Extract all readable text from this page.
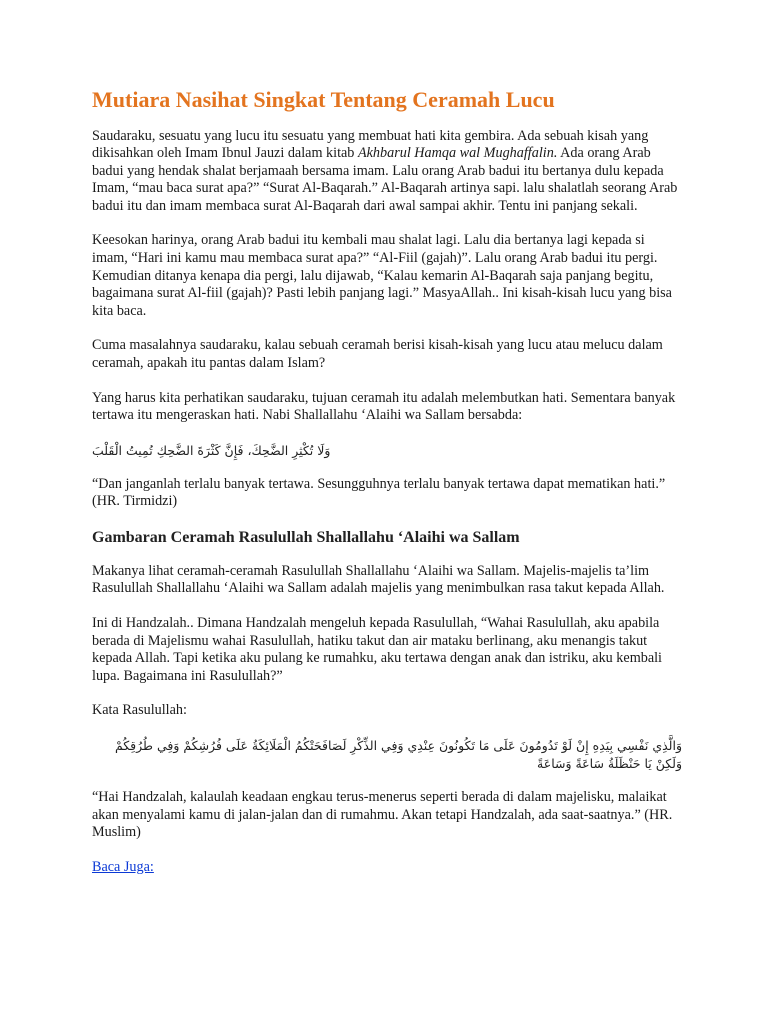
Mutiara Nasihat Singkat Tentang Ceramah Lucu

Saudaraku, sesuatu yang lucu itu sesuatu yang membuat hati kita gembira. Ada sebuah kisah yang dikisahkan oleh Imam Ibnul Jauzi dalam kitab Akhbarul Hamqa wal Mughaffalin. Ada orang Arab badui yang hendak shalat berjamaah bersama imam. Lalu orang Arab badui itu bertanya dulu kepada Imam, “mau baca surat apa?” “Surat Al-Baqarah.” Al-Baqarah artinya sapi. lalu shalatlah seorang Arab badui itu dan imam membaca surat Al-Baqarah dari awal sampai akhir. Tentu ini panjang sekali.

Keesokan harinya, orang Arab badui itu kembali mau shalat lagi. Lalu dia bertanya lagi kepada si imam, “Hari ini kamu mau membaca surat apa?” “Al-Fiil (gajah)”. Lalu orang Arab badui itu pergi. Kemudian ditanya kenapa dia pergi, lalu dijawab, “Kalau kemarin Al-Baqarah saja panjang begitu, bagaimana surat Al-fiil (gajah)? Pasti lebih panjang lagi.” MasyaAllah.. Ini kisah-kisah lucu yang bisa kita baca.

Cuma masalahnya saudaraku, kalau sebuah ceramah berisi kisah-kisah yang lucu atau melucu dalam ceramah, apakah itu pantas dalam Islam?

Yang harus kita perhatikan saudaraku, tujuan ceramah itu adalah melembutkan hati. Sementara banyak tertawa itu mengeraskan hati. Nabi Shallallahu ‘Alaihi wa Sallam bersabda:

وَلَا تُكْثِرِ الضَّحِكَ، فَإِنَّ كَثْرَةَ الضَّحِكِ تُمِيتُ الْقَلْبَ

“Dan janganlah terlalu banyak tertawa. Sesungguhnya terlalu banyak tertawa dapat mematikan hati.” (HR. Tirmidzi)

Gambaran Ceramah Rasulullah Shallallahu ‘Alaihi wa Sallam

Makanya lihat ceramah-ceramah Rasulullah Shallallahu ‘Alaihi wa Sallam. Majelis-majelis ta’lim Rasulullah Shallallahu ‘Alaihi wa Sallam adalah majelis yang menimbulkan rasa takut kepada Allah.

Ini di Handzalah.. Dimana Handzalah mengeluh kepada Rasulullah, “Wahai Rasulullah, aku apabila berada di Majelismu wahai Rasulullah, hatiku takut dan air mataku berlinang, aku menangis takut kepada Allah. Tapi ketika aku pulang ke rumahku, aku tertawa dengan anak dan istriku, aku kembali lupa. Bagaimana ini Rasulullah?”

Kata Rasulullah:

وَالَّذِي نَفْسِي بِيَدِهِ إِنْ لَوْ تَدُومُونَ عَلَى مَا تَكُونُونَ عِنْدِي وَفِي الذِّكْرِ لَصَافَحَتْكُمُ الْمَلَائِكَةُ عَلَى فُرُشِكُمْ وَفِي طُرُقِكُمْ وَلَكِنْ يَا حَنْظَلَةُ سَاعَةً وَسَاعَةً

“Hai Handzalah, kalaulah keadaan engkau terus-menerus seperti berada di dalam majelisku, malaikat akan menyalami kamu di jalan-jalan dan di rumahmu. Akan tetapi Handzalah, ada saat-saatnya.” (HR. Muslim)

Baca Juga:
